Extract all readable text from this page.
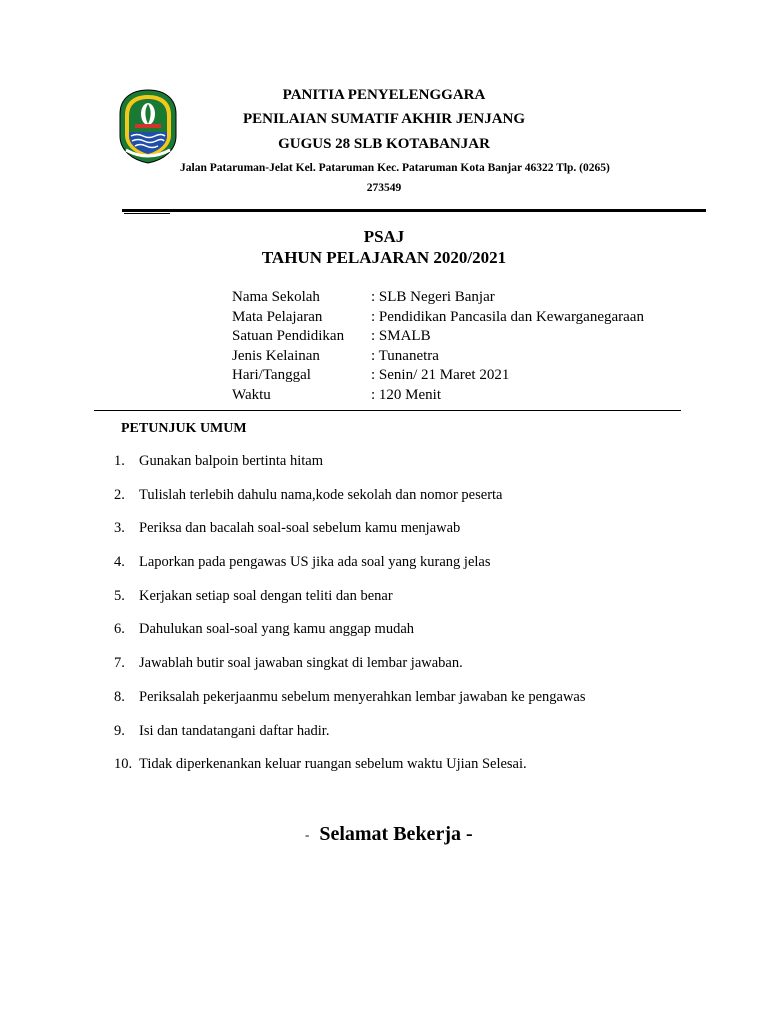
PANITIA PENYELENGGARA
PENILAIAN SUMATIF AKHIR JENJANG
GUGUS 28 SLB KOTABANJAR
Jalan Pataruman-Jelat Kel. Pataruman Kec. Pataruman Kota Banjar 46322 Tlp. (0265)
273549
PSAJ
TAHUN PELAJARAN 2020/2021
Nama Sekolah	: SLB Negeri Banjar
Mata Pelajaran	: Pendidikan Pancasila dan Kewarganegaraan
Satuan Pendidikan	: SMALB
Jenis Kelainan	: Tunanetra
Hari/Tanggal	: Senin/ 21 Maret 2021
Waktu	: 120 Menit
PETUNJUK UMUM
1. Gunakan balpoin bertinta hitam
2. Tulislah terlebih dahulu nama,kode sekolah dan nomor peserta
3. Periksa dan bacalah soal-soal sebelum kamu menjawab
4. Laporkan pada pengawas US jika ada soal yang kurang jelas
5. Kerjakan setiap soal dengan teliti dan benar
6. Dahulukan soal-soal yang kamu anggap mudah
7. Jawablah butir soal jawaban singkat di lembar jawaban.
8. Periksalah pekerjaanmu sebelum menyerahkan lembar jawaban ke pengawas
9. Isi dan tandatangani daftar hadir.
10. Tidak diperkenankan keluar ruangan sebelum waktu Ujian Selesai.
- Selamat Bekerja -
